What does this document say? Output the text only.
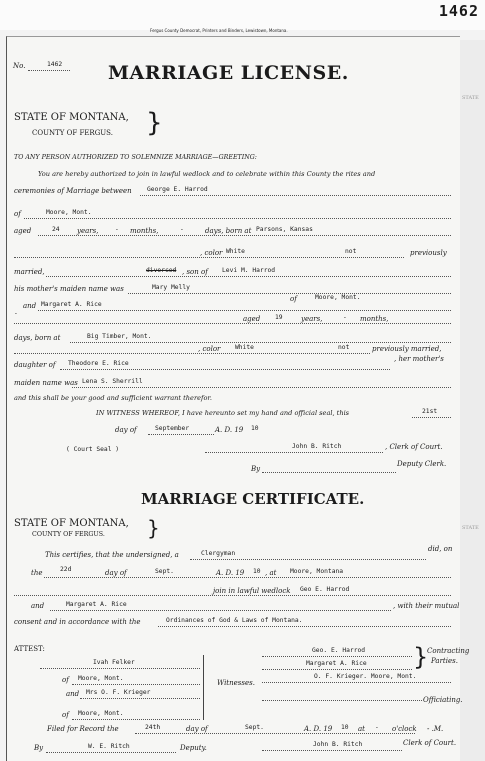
1462
Fergus County Democrat, Printers and Binders, Lewistown, Montana.
STATE
STATE
No.	1462 MARRIAGE LICENSE.
STATE OF MONTANA,
COUNTY OF FERGUS. }
TO ANY PERSON AUTHORIZED TO SOLEMNIZE MARRIAGE—GREETING:
You are hereby authorized to join in lawful wedlock and to celebrate within this County the rites and
ceremonies of Marriage between George E. Harrod
of	Moore, Mont.
aged	24 years,	- months,	-	days, born at Parsons, Kansas
, color White	not	previously
married,	divorced , son of Levi M. Harrod
his mother's maiden name was	Mary Melly
and Margaret A. Rice
of	Moore, Mont.
-
aged 19	years,	- months,
days, born at	Big Timber, Mont.
, color White	not	previously married,
daughter of Theodore E. Rice
, her mother's
maiden name was Lena S. Sherrill
and this shall be your good and sufficient warrant therefor.
IN WITNESS WHEREOF, I have hereunto set my hand and official seal, this	21st
day of	September	A. D. 19 10
( Court Seal )	John B. Ritch	, Clerk of Court.
By
Deputy Clerk.
MARRIAGE CERTIFICATE.
STATE OF MONTANA,
COUNTY OF FERGUS. }
This certifies, that the undersigned, a	Clergyman
did, on
the	22d	day of	Sept.	A. D. 19 10 , at Moore, Montana
join in lawful wedlock Geo E. Harrod
and	Margaret A. Rice	, with their mutual
consent and in accordance with the	Ordinances of God & Laws of Montana.
ATTEST:
Ivah Felker
of Moore, Mont.
and Mrs O. F. Krieger
of Moore, Mont.
Witnesses.
Geo. E. Harrod
Margaret A. Rice }
Contracting
Parties.
O. F. Krieger. Moore, Mont.
Officiating.
Filed for Record the	24th	day of	Sept.	A. D. 19 10 at - o'clock - .M.
By	W. E. Ritch	Deputy.	John B. Ritch	Clerk of Court.
